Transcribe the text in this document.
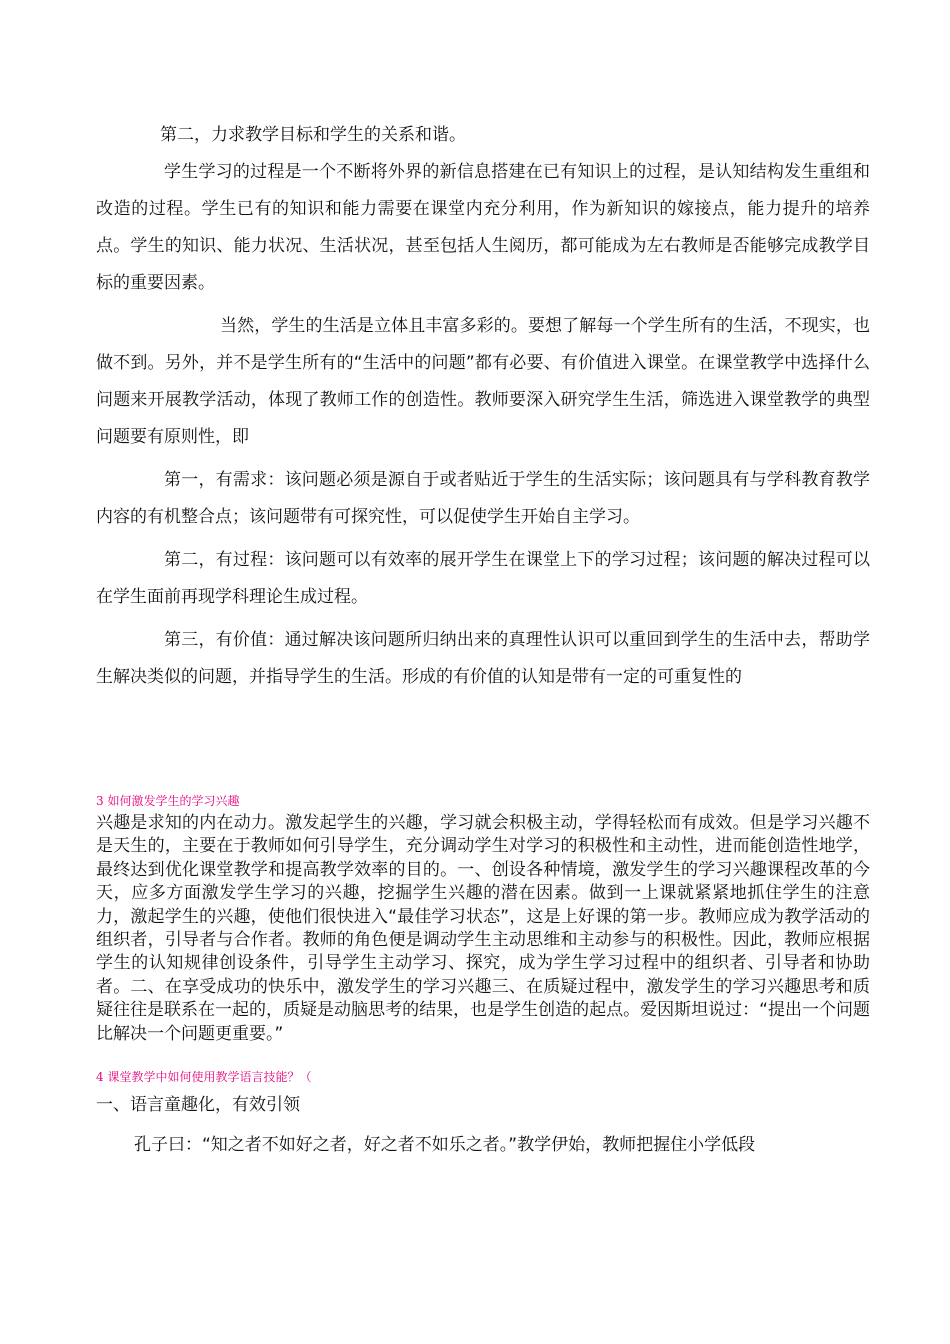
第二，力求教学目标和学生的关系和谐。

学生学习的过程是一个不断将外界的新信息搭建在已有知识上的过程，是认知结构发生重组和改造的过程。学生已有的知识和能力需要在课堂内充分利用，作为新知识的嫁接点，能力提升的培养点。学生的知识、能力状况、生活状况，甚至包括人生阅历，都可能成为左右教师是否能够完成教学目标的重要因素。

当然，学生的生活是立体且丰富多彩的。要想了解每一个学生所有的生活，不现实，也做不到。另外，并不是学生所有的“生活中的问题”都有必要、有价值进入课堂。在课堂教学中选择什么问题来开展教学活动，体现了教师工作的创造性。教师要深入研究学生生活，筛选进入课堂教学的典型问题要有原则性，即

第一，有需求：该问题必须是源自于或者贴近于学生的生活实际；该问题具有与学科教育教学内容的有机整合点；该问题带有可探究性，可以促使学生开始自主学习。

第二，有过程：该问题可以有效率的展开学生在课堂上下的学习过程；该问题的解决过程可以在学生面前再现学科理论生成过程。

第三，有价值：通过解决该问题所归纳出来的真理性认识可以重回到学生的生活中去，帮助学生解决类似的问题，并指导学生的生活。形成的有价值的认知是带有一定的可重复性的

3 如何激发学生的学习兴趣

兴趣是求知的内在动力。激发起学生的兴趣，学习就会积极主动，学得轻松而有成效。但是学习兴趣不是天生的，主要在于教师如何引导学生，充分调动学生对学习的积极性和主动性，进而能创造性地学，最终达到优化课堂教学和提高教学效率的目的。一、创设各种情境，激发学生的学习兴趣课程改革的今天，应多方面激发学生学习的兴趣，挖掘学生兴趣的潜在因素。做到一上课就紧紧地抓住学生的注意力，激起学生的兴趣，使他们很快进入“最佳学习状态”，这是上好课的第一步。教师应成为教学活动的组织者，引导者与合作者。教师的角色便是调动学生主动思维和主动参与的积极性。因此，教师应根据学生的认知规律创设条件，引导学生主动学习、探究，成为学生学习过程中的组织者、引导者和协助者。二、在享受成功的快乐中，激发学生的学习兴趣三、在质疑过程中，激发学生的学习兴趣思考和质疑往往是联系在一起的，质疑是动脑思考的结果，也是学生创造的起点。爱因斯坦说过：“提出一个问题比解决一个问题更重要。”

4 课堂教学中如何使用教学语言技能？（

一、语言童趣化，有效引领

孔子曰：“知之者不如好之者，好之者不如乐之者。”教学伊始，教师把握住小学低段
